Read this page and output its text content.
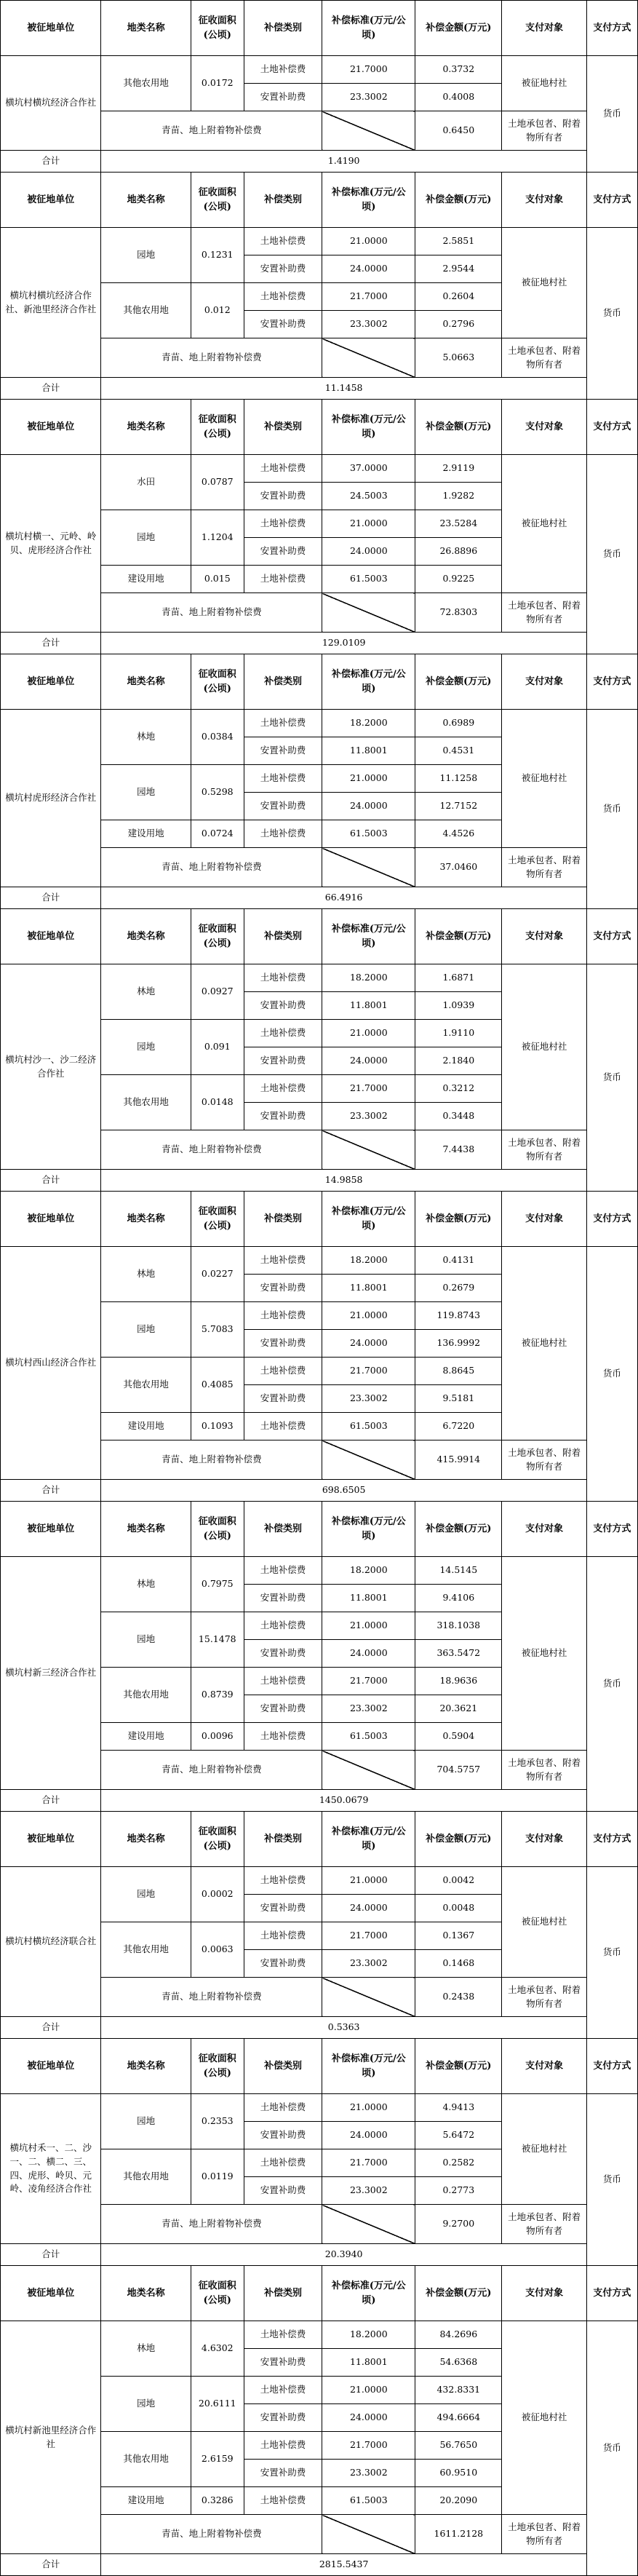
被征地单位	地类名称	征收面积(公顷)	补偿类别	补偿标准(万元/公顷)	补偿金额(万元)	支付对象	支付方式
横坑村横坑经济合作社	其他农用地	0.0172	土地补偿费	21.7000	0.3732	被征地村社	货币
			安置补助费	23.3002	0.4008		
	青苗、地上附着物补偿费				0.6450	土地承包者、附着物所有者	
合计	1.4190						
被征地单位	地类名称	征收面积(公顷)	补偿类别	补偿标准(万元/公顷)	补偿金额(万元)	支付对象	支付方式
横坑村横坑经济合作社、新池里经济合作社	园地	0.1231	土地补偿费	21.0000	2.5851	被征地村社	货币
			安置补助费	24.0000	2.9544		
	其他农用地	0.012	土地补偿费	21.7000	0.2604		
			安置补助费	23.3002	0.2796		
	青苗、地上附着物补偿费				5.0663	土地承包者、附着物所有者	
合计	11.1458						
被征地单位	地类名称	征收面积(公顷)	补偿类别	补偿标准(万元/公顷)	补偿金额(万元)	支付对象	支付方式
横坑村横一、元岭、岭贝、虎形经济合作社	水田	0.0787	土地补偿费	37.0000	2.9119	被征地村社	货币
			安置补助费	24.5003	1.9282		
	园地	1.1204	土地补偿费	21.0000	23.5284		
			安置补助费	24.0000	26.8896		
	建设用地	0.015	土地补偿费	61.5003	0.9225		
	青苗、地上附着物补偿费				72.8303	土地承包者、附着物所有者	
合计	129.0109						
被征地单位	地类名称	征收面积(公顷)	补偿类别	补偿标准(万元/公顷)	补偿金额(万元)	支付对象	支付方式
横坑村虎形经济合作社	林地	0.0384	土地补偿费	18.2000	0.6989	被征地村社	货币
			安置补助费	11.8001	0.4531		
	园地	0.5298	土地补偿费	21.0000	11.1258		
			安置补助费	24.0000	12.7152		
	建设用地	0.0724	土地补偿费	61.5003	4.4526		
	青苗、地上附着物补偿费				37.0460	土地承包者、附着物所有者	
合计	66.4916						
被征地单位	地类名称	征收面积(公顷)	补偿类别	补偿标准(万元/公顷)	补偿金额(万元)	支付对象	支付方式
横坑村沙一、沙二经济合作社	林地	0.0927	土地补偿费	18.2000	1.6871	被征地村社	货币
			安置补助费	11.8001	1.0939		
	园地	0.091	土地补偿费	21.0000	1.9110		
			安置补助费	24.0000	2.1840		
	其他农用地	0.0148	土地补偿费	21.7000	0.3212		
			安置补助费	23.3002	0.3448		
	青苗、地上附着物补偿费				7.4438	土地承包者、附着物所有者	
合计	14.9858						
被征地单位	地类名称	征收面积(公顷)	补偿类别	补偿标准(万元/公顷)	补偿金额(万元)	支付对象	支付方式
横坑村西山经济合作社	林地	0.0227	土地补偿费	18.2000	0.4131	被征地村社	货币
			安置补助费	11.8001	0.2679		
	园地	5.7083	土地补偿费	21.0000	119.8743		
			安置补助费	24.0000	136.9992		
	其他农用地	0.4085	土地补偿费	21.7000	8.8645		
			安置补助费	23.3002	9.5181		
	建设用地	0.1093	土地补偿费	61.5003	6.7220		
	青苗、地上附着物补偿费				415.9914	土地承包者、附着物所有者	
合计	698.6505						
被征地单位	地类名称	征收面积(公顷)	补偿类别	补偿标准(万元/公顷)	补偿金额(万元)	支付对象	支付方式
横坑村新三经济合作社	林地	0.7975	土地补偿费	18.2000	14.5145	被征地村社	货币
			安置补助费	11.8001	9.4106		
	园地	15.1478	土地补偿费	21.0000	318.1038		
			安置补助费	24.0000	363.5472		
	其他农用地	0.8739	土地补偿费	21.7000	18.9636		
			安置补助费	23.3002	20.3621		
	建设用地	0.0096	土地补偿费	61.5003	0.5904		
	青苗、地上附着物补偿费				704.5757	土地承包者、附着物所有者	
合计	1450.0679						
被征地单位	地类名称	征收面积(公顷)	补偿类别	补偿标准(万元/公顷)	补偿金额(万元)	支付对象	支付方式
横坑村横坑经济联合社	园地	0.0002	土地补偿费	21.0000	0.0042	被征地村社	货币
			安置补助费	24.0000	0.0048		
	其他农用地	0.0063	土地补偿费	21.7000	0.1367		
			安置补助费	23.3002	0.1468		
	青苗、地上附着物补偿费				0.2438	土地承包者、附着物所有者	
合计	0.5363						
被征地单位	地类名称	征收面积(公顷)	补偿类别	补偿标准(万元/公顷)	补偿金额(万元)	支付对象	支付方式
横坑村禾一、二、沙一、二、横二、三、四、虎形、岭贝、元岭、凌角经济合作社	园地	0.2353	土地补偿费	21.0000	4.9413	被征地村社	货币
			安置补助费	24.0000	5.6472		
	其他农用地	0.0119	土地补偿费	21.7000	0.2582		
			安置补助费	23.3002	0.2773		
	青苗、地上附着物补偿费				9.2700	土地承包者、附着物所有者	
合计	20.3940						
被征地单位	地类名称	征收面积(公顷)	补偿类别	补偿标准(万元/公顷)	补偿金额(万元)	支付对象	支付方式
横坑村新池里经济合作社	林地	4.6302	土地补偿费	18.2000	84.2696	被征地村社	货币
			安置补助费	11.8001	54.6368		
	园地	20.6111	土地补偿费	21.0000	432.8331		
			安置补助费	24.0000	494.6664		
	其他农用地	2.6159	土地补偿费	21.7000	56.7650		
			安置补助费	23.3002	60.9510		
	建设用地	0.3286	土地补偿费	61.5003	20.2090		
	青苗、地上附着物补偿费				1611.2128	土地承包者、附着物所有者	
合计	2815.5437						
